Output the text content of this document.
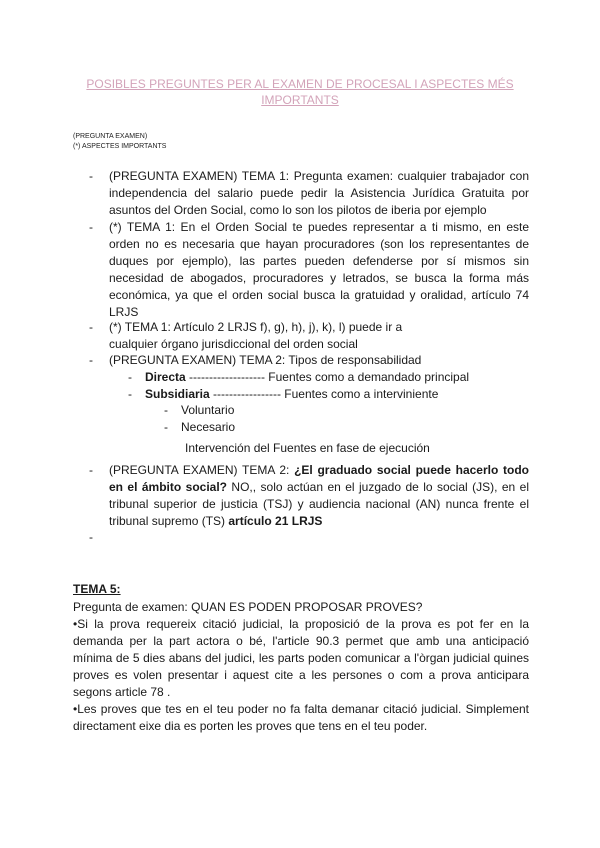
POSIBLES PREGUNTES PER AL EXAMEN DE PROCESAL I ASPECTES MÉS
IMPORTANTS
(PREGUNTA EXAMEN)
(*) ASPECTES IMPORTANTS
- (PREGUNTA EXAMEN) TEMA 1: Pregunta examen: cualquier trabajador con independencia del salario puede pedir la Asistencia Jurídica Gratuita por asuntos del Orden Social, como lo son los pilotos de iberia por ejemplo
- (*) TEMA 1: En el Orden Social te puedes representar a ti mismo, en este orden no es necesaria que hayan procuradores (son los representantes de duques por ejemplo), las partes pueden defenderse por sí mismos sin necesidad de abogados, procuradores y letrados, se busca la forma más económica, ya que el orden social busca la gratuidad y oralidad, artículo 74 LRJS
- (*) TEMA 1: Artículo 2 LRJS f), g), h), j), k), l) puede ir a cualquier órgano jurisdiccional del orden social
- (PREGUNTA EXAMEN) TEMA 2: Tipos de responsabilidad
- Directa ------------------- Fuentes como a demandado principal
- Subsidiaria ----------------- Fuentes como a interviniente
- Voluntario
- Necesario
Intervención del Fuentes en fase de ejecución
- (PREGUNTA EXAMEN) TEMA 2: ¿El graduado social puede hacerlo todo en el ámbito social? NO,, solo actúan en el juzgado de lo social (JS), en el tribunal superior de justicia (TSJ) y audiencia nacional (AN) nunca frente el tribunal supremo (TS) artículo 21 LRJS
-
TEMA 5:
Pregunta de examen: QUAN ES PODEN PROPOSAR PROVES?
•Si la prova requereix citació judicial, la proposició de la prova es pot fer en la demanda per la part actora o bé, l'article 90.3 permet que amb una anticipació mínima de 5 dies abans del judici, les parts poden comunicar a l'òrgan judicial quines proves es volen presentar i aquest cite a les persones o com a prova anticipara segons article 78 .
•Les proves que tes en el teu poder no fa falta demanar citació judicial. Simplement directament eixe dia es porten les proves que tens en el teu poder.
